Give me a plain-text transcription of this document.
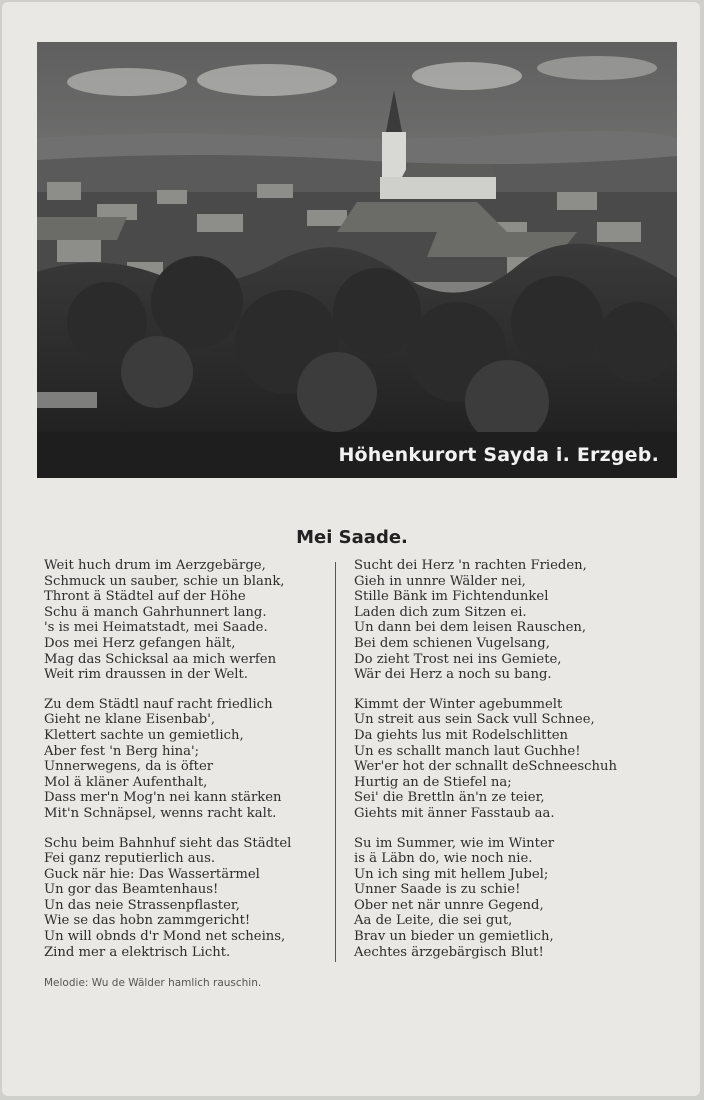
Höhenkurort Sayda i. Erzgeb.
Mei Saade.
Weit huch drum im Aerzgebärge,
Schmuck un sauber, schie un blank,
Thront ä Städtel auf der Höhe
Schu ä manch Gahrhunnert lang.
's is mei Heimatstadt, mei Saade.
Dos mei Herz gefangen hält,
Mag das Schicksal aa mich werfen
Weit rim draussen in der Welt.
Zu dem Städtl nauf racht friedlich
Gieht ne klane Eisenbab',
Klettert sachte un gemietlich,
Aber fest 'n Berg hina';
Unnerwegens, da is öfter
Mol ä kläner Aufenthalt,
Dass mer'n Mog'n nei kann stärken
Mit'n Schnäpsel, wenns racht kalt.
Schu beim Bahnhuf sieht das Städtel
Fei ganz reputierlich aus.
Guck när hie: Das Wassertärmel
Un gor das Beamtenhaus!
Un das neie Strassenpflaster,
Wie se das hobn zammgericht!
Un will obnds d'r Mond net scheins,
Zind mer a elektrisch Licht.
Sucht dei Herz 'n rachten Frieden,
Gieh in unnre Wälder nei,
Stille Bänk im Fichtendunkel
Laden dich zum Sitzen ei.
Un dann bei dem leisen Rauschen,
Bei dem schienen Vugelsang,
Do zieht Trost nei ins Gemiete,
Wär dei Herz a noch su bang.
Kimmt der Winter agebummelt
Un streit aus sein Sack vull Schnee,
Da giehts lus mit Rodelschlitten
Un es schallt manch laut Guchhe!
Wer'er hot der schnallt deSchneeschuh
Hurtig an de Stiefel na;
Sei' die Brettln än'n ze teier,
Giehts mit änner Fasstaub aa.
Su im Summer, wie im Winter
is ä Läbn do, wie noch nie.
Un ich sing mit hellem Jubel;
Unner Saade is zu schie!
Ober net när unnre Gegend,
Aa de Leite, die sei gut,
Brav un bieder un gemietlich,
Aechtes ärzgebärgisch Blut!
Melodie: Wu de Wälder hamlich rauschin.
